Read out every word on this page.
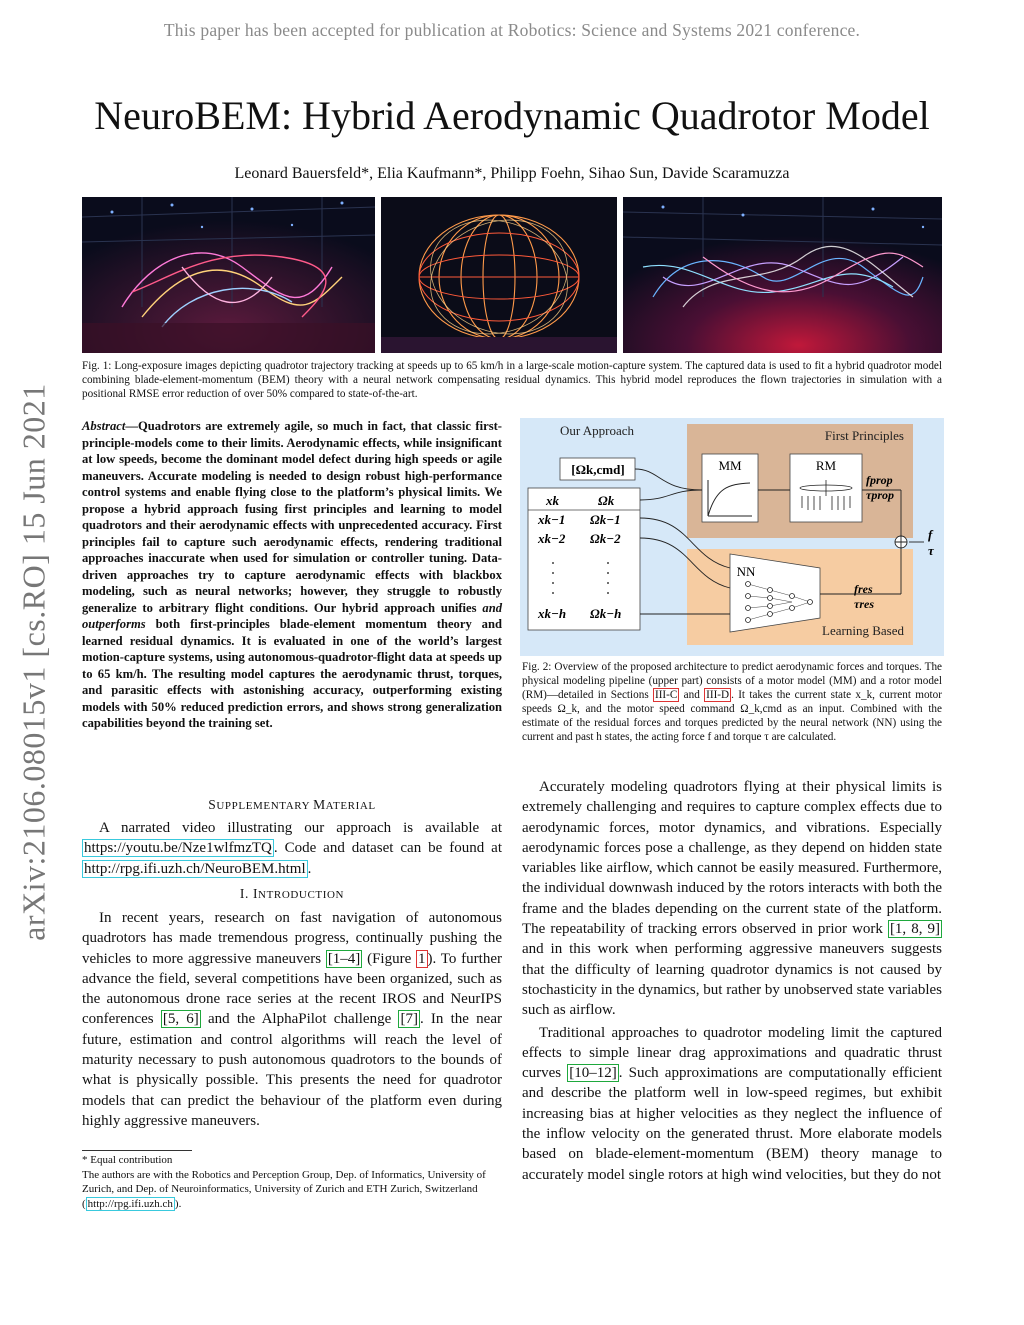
This paper has been accepted for publication at Robotics: Science and Systems 2021 conference.
NeuroBEM: Hybrid Aerodynamic Quadrotor Model
Leonard Bauersfeld*, Elia Kaufmann*, Philipp Foehn, Sihao Sun, Davide Scaramuzza
arXiv:2106.08015v1 [cs.RO] 15 Jun 2021
Fig. 1: Long-exposure images depicting quadrotor trajectory tracking at speeds up to 65 km/h in a large-scale motion-capture system. The captured data is used to fit a hybrid quadrotor model combining blade-element-momentum (BEM) theory with a neural network compensating residual dynamics. This hybrid model reproduces the flown trajectories in simulation with a positional RMSE error reduction of over 50% compared to state-of-the-art.
Abstract—Quadrotors are extremely agile, so much in fact, that classic first-principle-models come to their limits. Aerodynamic effects, while insignificant at low speeds, become the dominant model defect during high speeds or agile maneuvers. Accurate modeling is needed to design robust high-performance control systems and enable flying close to the platform’s physical limits. We propose a hybrid approach fusing first principles and learning to model quadrotors and their aerodynamic effects with unprecedented accuracy. First principles fail to capture such aerodynamic effects, rendering traditional approaches inaccurate when used for simulation or controller tuning. Data-driven approaches try to capture aerodynamic effects with blackbox modeling, such as neural networks; however, they struggle to robustly generalize to arbitrary flight conditions. Our hybrid approach unifies and outperforms both first-principles blade-element momentum theory and learned residual dynamics. It is evaluated in one of the world’s largest motion-capture systems, using autonomous-quadrotor-flight data at speeds up to 65 km/h. The resulting model captures the aerodynamic thrust, torques, and parasitic effects with astonishing accuracy, outperforming existing models with 50% reduced prediction errors, and shows strong generalization capabilities beyond the training set.
SUPPLEMENTARY MATERIAL
A narrated video illustrating our approach is available at https://youtu.be/Nze1wlfmzTQ . Code and dataset can be found at http://rpg.ifi.uzh.ch/NeuroBEM.html .
I. INTRODUCTION
In recent years, research on fast navigation of autonomous quadrotors has made tremendous progress, continually pushing the vehicles to more aggressive maneuvers [1–4] (Figure 1 ). To further advance the field, several competitions have been organized, such as the autonomous drone race series at the recent IROS and NeurIPS conferences [5, 6] and the AlphaPilot challenge [7] . In the near future, estimation and control algorithms will reach the level of maturity necessary to push autonomous quadrotors to the bounds of what is physically possible. This presents the need for quadrotor models that can predict the behaviour of the platform even during highly aggressive maneuvers.
* Equal contribution
The authors are with the Robotics and Perception Group, Dep. of Informatics, University of Zurich, and Dep. of Neuroinformatics, University of Zurich and ETH Zurich, Switzerland ( http://rpg.ifi.uzh.ch ).
Our Approach	First Principles
Learning Based
[Ωk,cmd]
xk	Ωk
xk−1 Ωk−1
xk−2 Ωk−2
xk−h Ωk−h
MM	RM
fprop
τprop
NN
fres
τres
f
τ
Fig. 2: Overview of the proposed architecture to predict aerodynamic forces and torques. The physical modeling pipeline (upper part) consists of a motor model (MM) and a rotor model (RM)—detailed in Sections III-C and III-D . It takes the current state x_k, current motor speeds Ω_k, and the motor speed command Ω_k,cmd as an input. Combined with the estimate of the residual forces and torques predicted by the neural network (NN) using the current and past h states, the acting force f and torque τ are calculated.

Accurately modeling quadrotors flying at their physical limits is extremely challenging and requires to capture complex effects due to aerodynamic forces, motor dynamics, and vibrations. Especially aerodynamic forces pose a challenge, as they depend on hidden state variables like airflow, which cannot be easily measured. Furthermore, the individual downwash induced by the rotors interacts with both the frame and the blades depending on the current state of the platform. The repeatability of tracking errors observed in prior work [1, 8, 9] and in this work when performing aggressive maneuvers suggests that the difficulty of learning quadrotor dynamics is not caused by stochasticity in the dynamics, but rather by unobserved state variables such as airflow.

Traditional approaches to quadrotor modeling limit the captured effects to simple linear drag approximations and quadratic thrust curves [10–12] . Such approximations are computationally efficient and describe the platform well in low-speed regimes, but exhibit increasing bias at higher velocities as they neglect the influence of the inflow velocity on the generated thrust. More elaborate models based on blade-element-momentum (BEM) theory manage to accurately model single rotors at high wind velocities, but they do not
